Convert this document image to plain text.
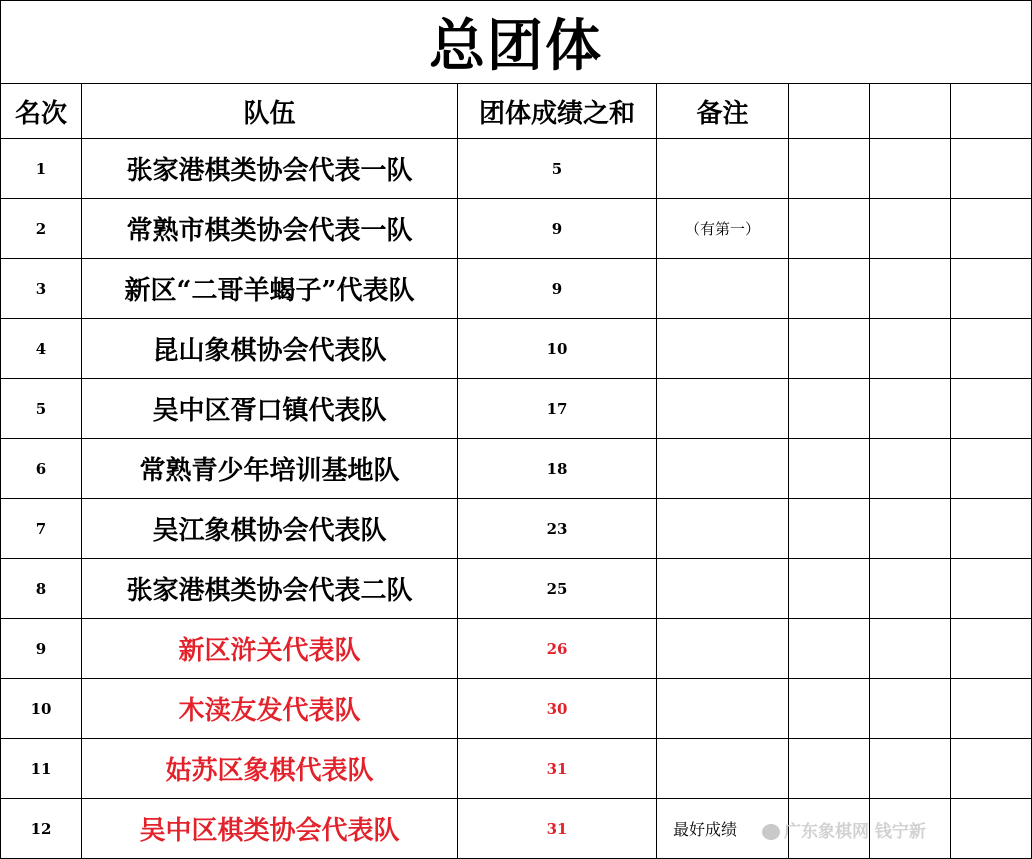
总团体						
名次	队伍	团体成绩之和	备注			
1	张家港棋类协会代表一队	5				
2	常熟市棋类协会代表一队	9	（有第一）			
3	新区“二哥羊蝎子”代表队	9				
4	昆山象棋协会代表队	10				
5	吴中区胥口镇代表队	17				
6	常熟青少年培训基地队	18				
7	吴江象棋协会代表队	23				
8	张家港棋类协会代表二队	25				
9	新区浒关代表队	26				
10	木渎友发代表队	30				
11	姑苏区象棋代表队	31				
12	吴中区棋类协会代表队	31	最好成绩				广东象棋网 钱宁新
